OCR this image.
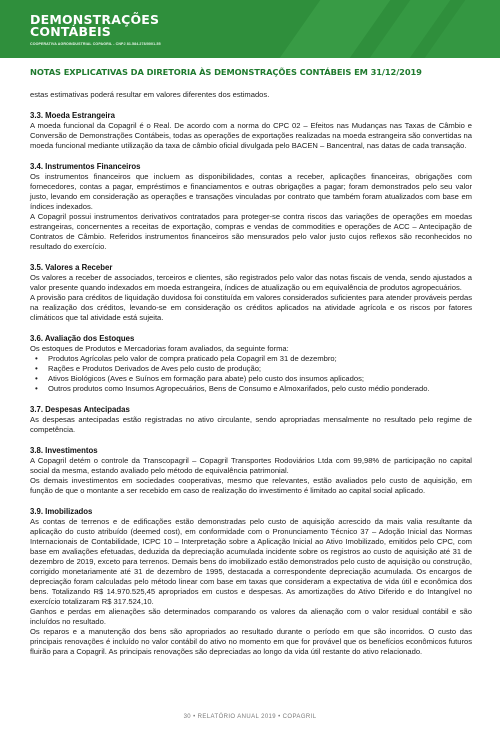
DEMONSTRAÇÕES
CONTÁBEIS
COOPERATIVA AGROINDUSTRIAL COPAGRIL - CNPJ 81.584.278/0001-55
NOTAS EXPLICATIVAS DA DIRETORIA ÀS DEMONSTRAÇÕES CONTÁBEIS EM 31/12/2019

estas estimativas poderá resultar em valores diferentes dos estimados.

3.3. Moeda Estrangeira

A moeda funcional da Copagril é o Real. De acordo com a norma do CPC 02 – Efeitos nas Mudanças nas Taxas de Câmbio e Conversão de Demonstrações Contábeis, todas as operações de exportações realizadas na moeda estrangeira são convertidas na moeda funcional mediante utilização da taxa de câmbio oficial divulgada pelo BACEN – Bancentral, nas datas de cada transação.

3.4. Instrumentos Financeiros

Os instrumentos financeiros que incluem as disponibilidades, contas a receber, aplicações financeiras, obrigações com fornecedores, contas a pagar, empréstimos e financiamentos e outras obrigações a pagar; foram demonstrados pelo seu valor justo, levando em consideração as operações e transações vinculadas por contrato que também foram atualizados com base em índices indexados.

A Copagril possui instrumentos derivativos contratados para proteger-se contra riscos das variações de operações em moedas estrangeiras, concernentes a receitas de exportação, compras e vendas de commodities e operações de ACC – Antecipação de Contratos de Câmbio. Referidos instrumentos financeiros são mensurados pelo valor justo cujos reflexos são reconhecidos no resultado do exercício.

3.5. Valores a Receber

Os valores a receber de associados, terceiros e clientes, são registrados pelo valor das notas fiscais de venda, sendo ajustados a valor presente quando indexados em moeda estrangeira, índices de atualização ou em equivalência de produtos agropecuários.

A provisão para créditos de liquidação duvidosa foi constituída em valores considerados suficientes para atender prováveis perdas na realização dos créditos, levando-se em consideração os créditos aplicados na atividade agrícola e os riscos por fatores climáticos que tal atividade está sujeita.

3.6. Avaliação dos Estoques

Os estoques de Produtos e Mercadorias foram avaliados, da seguinte forma:

• Produtos Agrícolas pelo valor de compra praticado pela Copagril em 31 de dezembro;
• Rações e Produtos Derivados de Aves pelo custo de produção;
• Ativos Biológicos (Aves e Suínos em formação para abate) pelo custo dos insumos aplicados;
• Outros produtos como Insumos Agropecuários, Bens de Consumo e Almoxarifados, pelo custo médio ponderado.
3.7. Despesas Antecipadas

As despesas antecipadas estão registradas no ativo circulante, sendo apropriadas mensalmente no resultado pelo regime de competência.

3.8. Investimentos

A Copagril detém o controle da Transcopagril – Copagril Transportes Rodoviários Ltda com 99,98% de participação no capital social da mesma, estando avaliado pelo método de equivalência patrimonial.

Os demais investimentos em sociedades cooperativas, mesmo que relevantes, estão avaliados pelo custo de aquisição, em função de que o montante a ser recebido em caso de realização do investimento é limitado ao capital social aplicado.

3.9. Imobilizados

As contas de terrenos e de edificações estão demonstradas pelo custo de aquisição acrescido da mais valia resultante da aplicação do custo atribuído (deemed cost), em conformidade com o Pronunciamento Técnico 37 – Adoção Inicial das Normas Internacionais de Contabilidade, ICPC 10 – Interpretação sobre a Aplicação Inicial ao Ativo Imobilizado, emitidos pelo CPC, com base em avaliações efetuadas, deduzida da depreciação acumulada incidente sobre os registros ao custo de aquisição até 31 de dezembro de 2019, exceto para terrenos. Demais bens do imobilizado estão demonstrados pelo custo de aquisição ou construção, corrigido monetariamente até 31 de dezembro de 1995, destacada a correspondente depreciação acumulada. Os encargos de depreciação foram calculadas pelo método linear com base em taxas que consideram a expectativa de vida útil e econômica dos bens. Totalizando R$ 14.970.525,45 apropriados em custos e despesas. As amortizações do Ativo Diferido e do Intangível no exercício totalizaram R$ 317.524,10.

Ganhos e perdas em alienações são determinados comparando os valores da alienação com o valor residual contábil e são incluídos no resultado.

Os reparos e a manutenção dos bens são apropriados ao resultado durante o período em que são incorridos. O custo das principais renovações é incluído no valor contábil do ativo no momento em que for provável que os benefícios econômicos futuros fluirão para a Copagril. As principais renovações são depreciadas ao longo da vida útil restante do ativo relacionado.

30 • RELATÓRIO ANUAL 2019 • COPAGRIL
